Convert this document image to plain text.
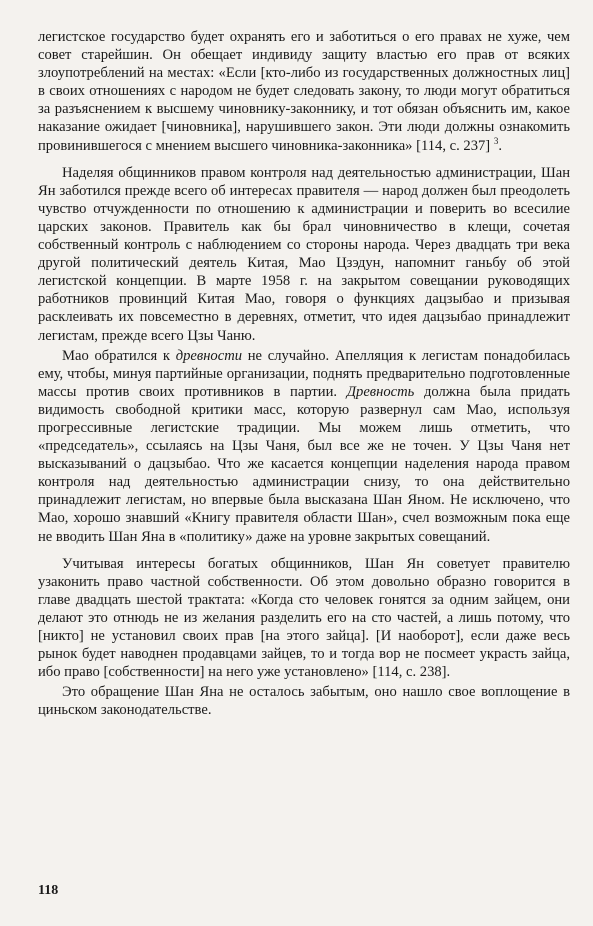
легистское государство будет охранять его и заботиться о его правах не хуже, чем совет старейшин. Он обещает индивиду защиту властью его прав от всяких злоупотреблений на местах: «Если [кто-либо из государственных должностных лиц] в своих отношениях с народом не будет следовать закону, то люди могут обратиться за разъяснением к высшему чиновнику-законнику, и тот обязан объяснить им, какое наказание ожидает [чиновника], нарушившего закон. Эти люди должны ознакомить провинившегося с мнением высшего чиновника-законника» [114, с. 237] $^3$.

Наделяя общинников правом контроля над деятельностью администрации, Шан Ян заботился прежде всего об интересах правителя — народ должен был преодолеть чувство отчужденности по отношению к администрации и поверить во всесилие царских законов. Правитель как бы брал чиновничество в клещи, сочетая собственный контроль с наблюдением со стороны народа. Через двадцать три века другой политический деятель Китая, Мао Цзэдун, напомнит ганьбу об этой легистской концепции. В марте 1958 г. на закрытом совещании руководящих работников провинций Китая Мао, говоря о функциях дацзыбао и призывая расклеивать их повсеместно в деревнях, отметит, что идея дацзыбао принадлежит легистам, прежде всего Цзы Чаню.

Мао обратился к древности не случайно. Апелляция к легистам понадобилась ему, чтобы, минуя партийные организации, поднять предварительно подготовленные массы против своих противников в партии. Древность должна была придать видимость свободной критики масс, которую развернул сам Мао, используя прогрессивные легистские традиции. Мы можем лишь отметить, что «председатель», ссылаясь на Цзы Чаня, был все же не точен. У Цзы Чаня нет высказываний о дацзыбао. Что же касается концепции наделения народа правом контроля над деятельностью администрации снизу, то она действительно принадлежит легистам, но впервые была высказана Шан Яном. Не исключено, что Мао, хорошо знавший «Книгу правителя области Шан», счел возможным пока еще не вводить Шан Яна в «политику» даже на уровне закрытых совещаний.

Учитывая интересы богатых общинников, Шан Ян советует правителю узаконить право частной собственности. Об этом довольно образно говорится в главе двадцать шестой трактата: «Когда сто человек гонятся за одним зайцем, они делают это отнюдь не из желания разделить его на сто частей, а лишь потому, что [никто] не установил своих прав [на этого зайца]. [И наоборот], если даже весь рынок будет наводнен продавцами зайцев, то и тогда вор не посмеет украсть зайца, ибо право [собственности] на него уже установлено» [114, с. 238].

Это обращение Шан Яна не осталось забытым, оно нашло свое воплощение в циньском законодательстве.

118
